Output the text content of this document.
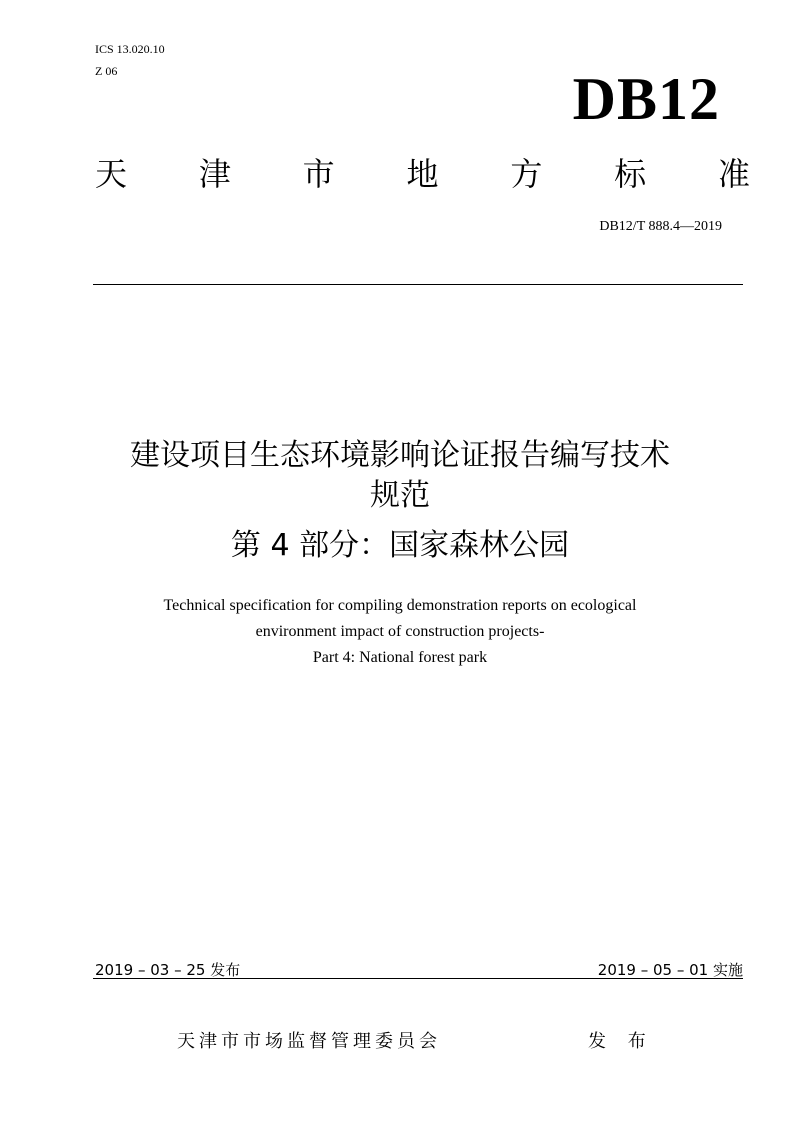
ICS 13.020.10
Z 06	DB12
天 津 市 地 方 标 准
DB12/T 888.4—2019
建设项目生态环境影响论证报告编写技术
规范
第 4 部分：国家森林公园
Technical specification for compiling demonstration reports on ecological
environment impact of construction projects-
Part 4: National forest park
2019 – 03 – 25 发布	2019 – 05 – 01 实施
天津市市场监督管理委员会	发 布
